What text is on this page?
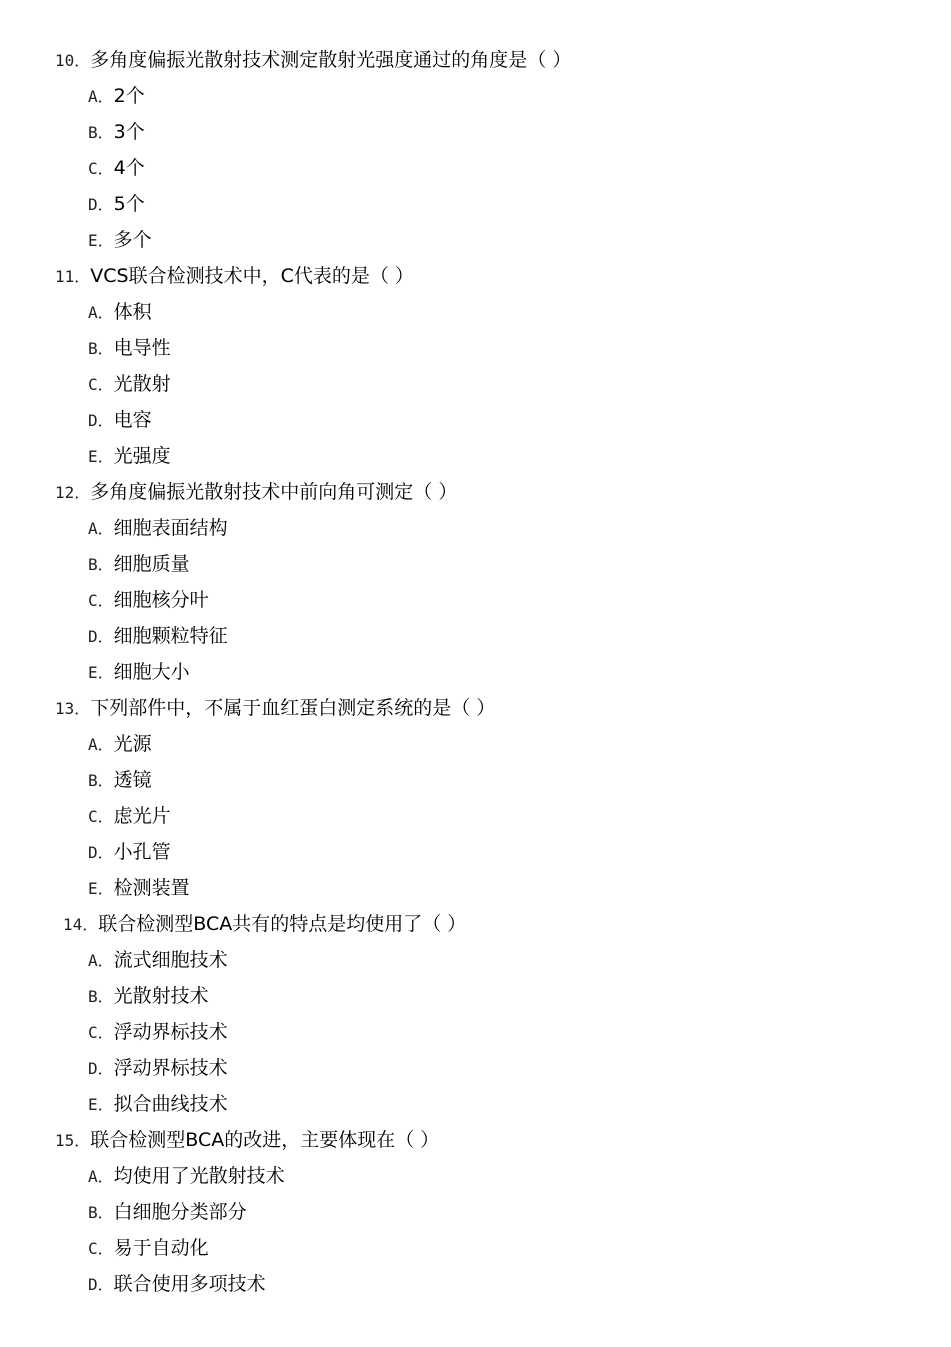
10．多角度偏振光散射技术测定散射光强度通过的角度是（ ）
A．2个
B．3个
C．4个
D．5个
E．多个
11．VCS联合检测技术中，C代表的是（ ）
A．体积
B．电导性
C．光散射
D．电容
E．光强度
12．多角度偏振光散射技术中前向角可测定（ ）
A．细胞表面结构
B．细胞质量
C．细胞核分叶
D．细胞颗粒特征
E．细胞大小
13．下列部件中，不属于血红蛋白测定系统的是（ ）
A．光源
B．透镜
C．虑光片
D．小孔管
E．检测装置
14．联合检测型BCA共有的特点是均使用了（ ）
A．流式细胞技术
B．光散射技术
C．浮动界标技术
D．浮动界标技术
E．拟合曲线技术
15．联合检测型BCA的改进，主要体现在（ ）
A．均使用了光散射技术
B．白细胞分类部分
C．易于自动化
D．联合使用多项技术
